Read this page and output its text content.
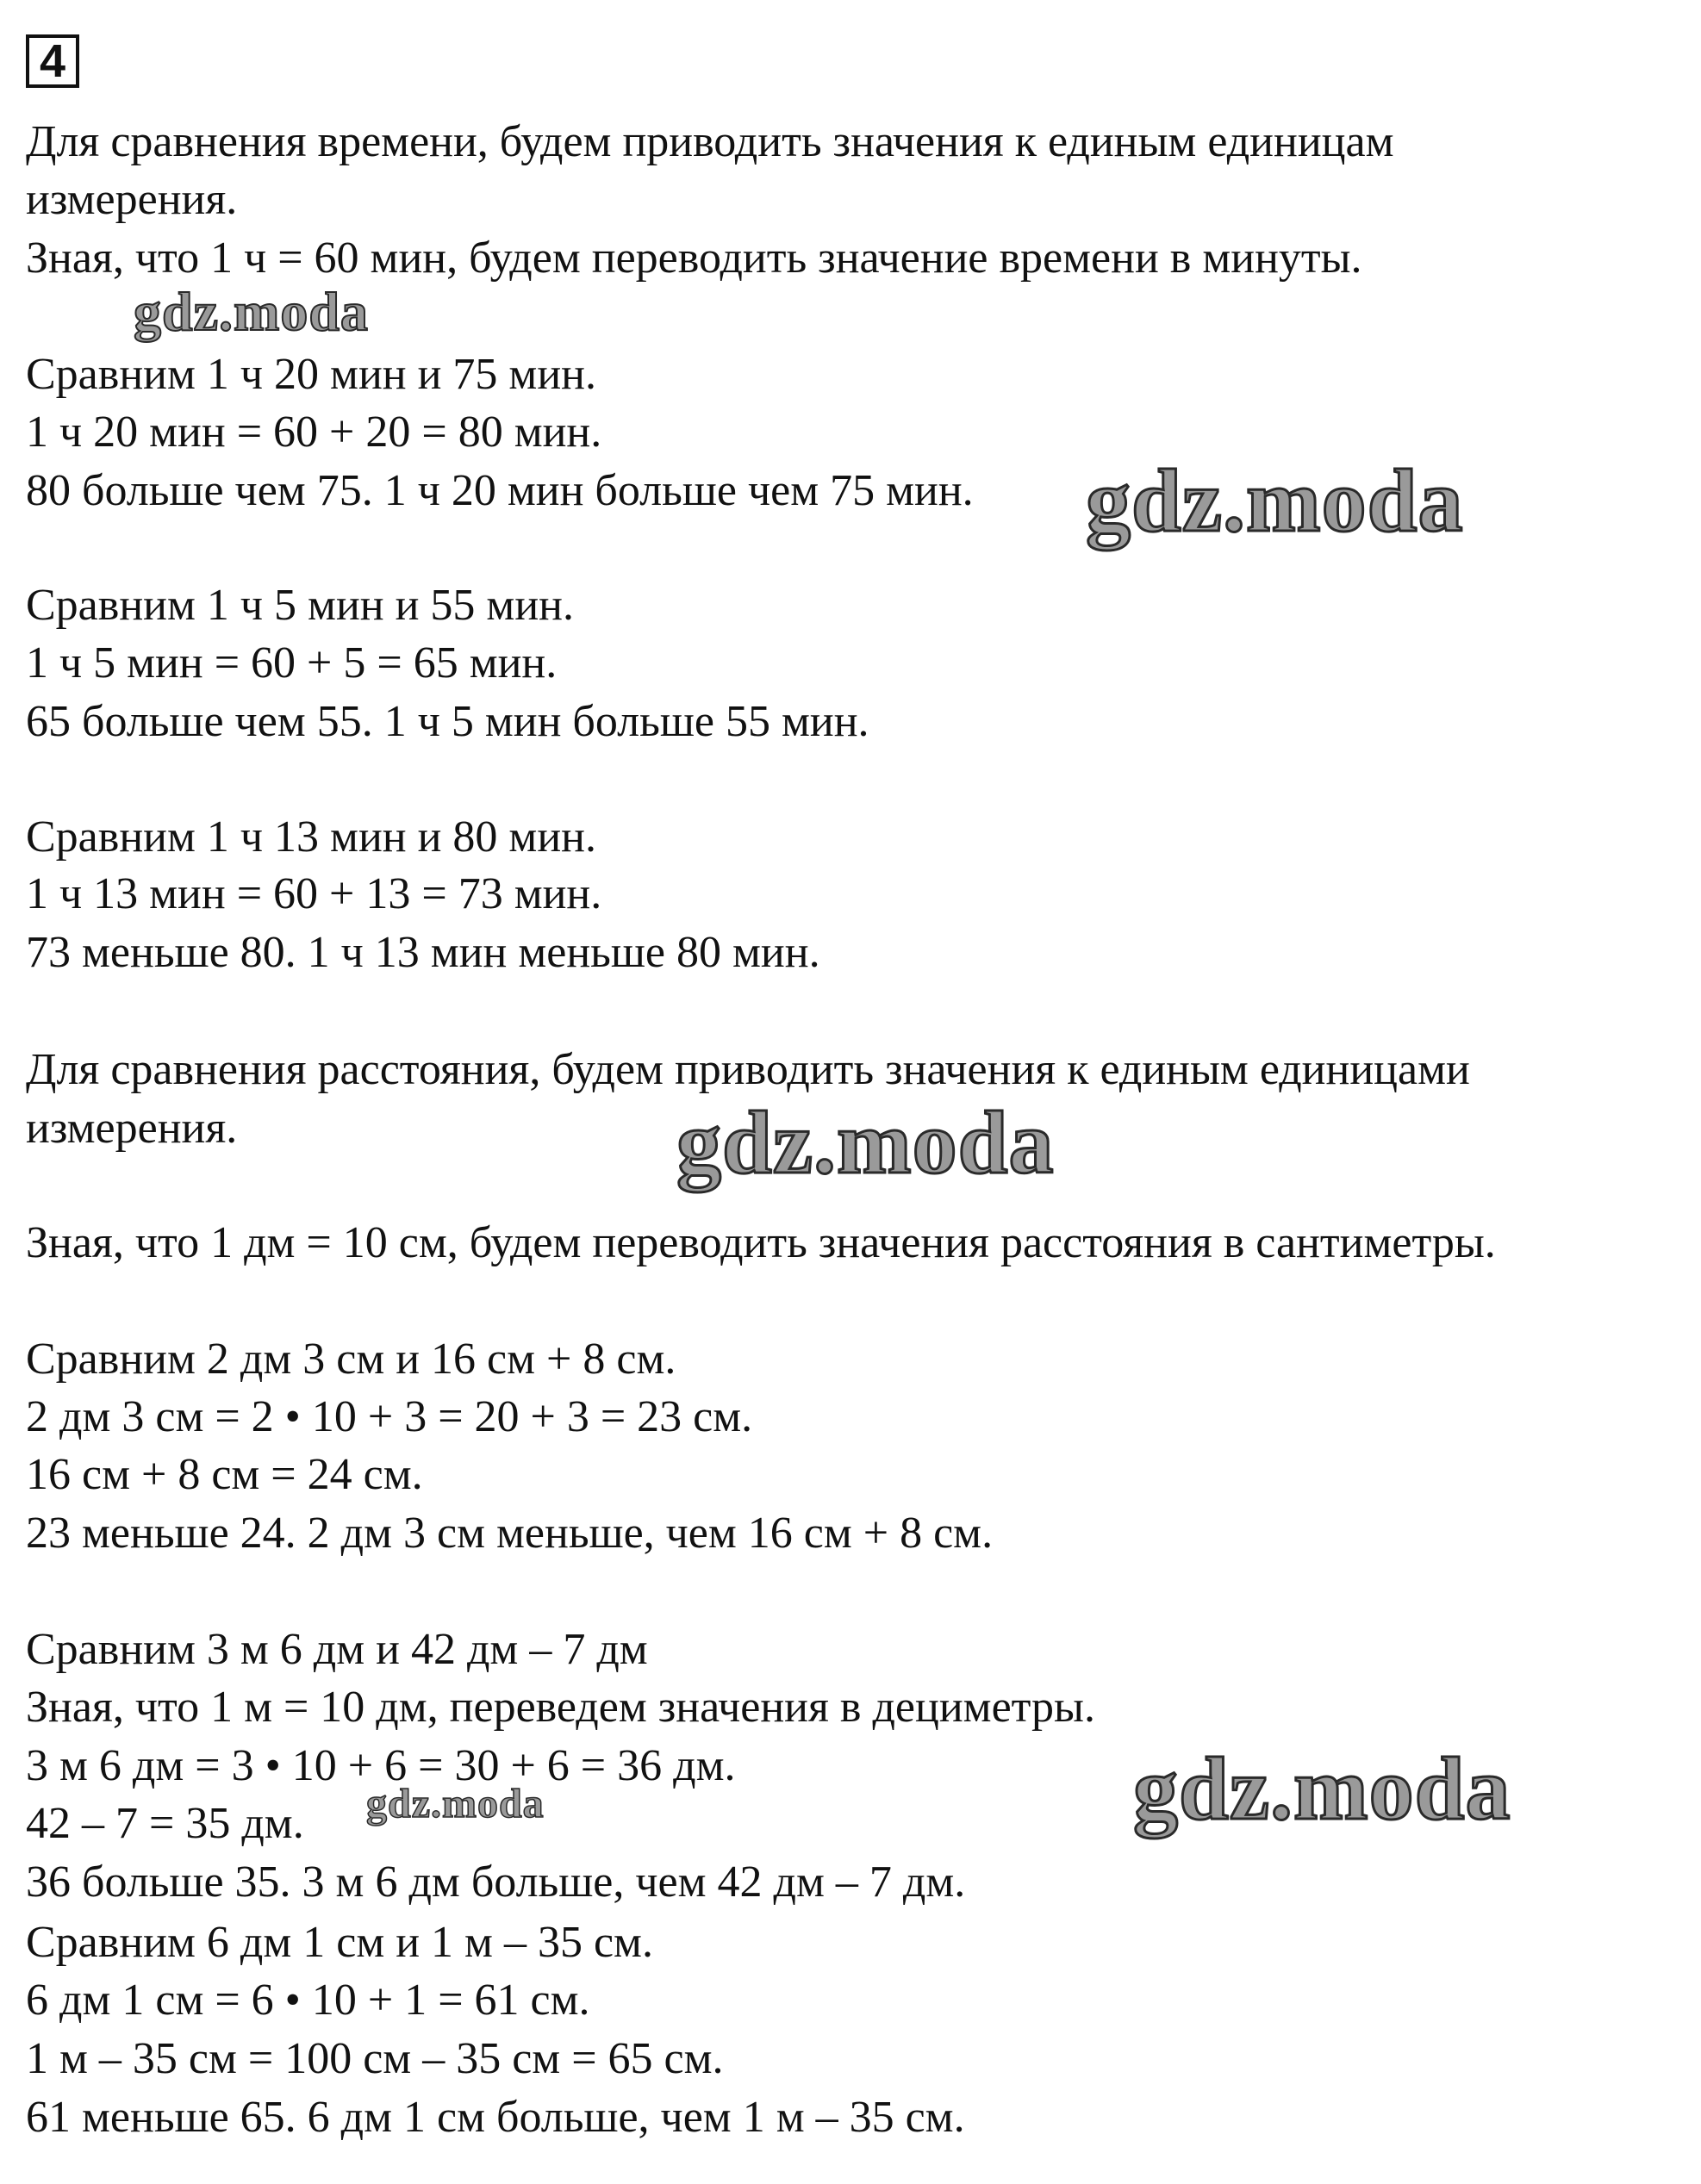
4
Для сравнения времени, будем приводить значения к единым единицам
измерения.
Зная, что 1 ч = 60 мин, будем переводить значение времени в минуты.
Сравним 1 ч 20 мин и 75 мин.
1 ч 20 мин = 60 + 20 = 80 мин.
80 больше чем 75. 1 ч 20 мин больше чем 75 мин.
Сравним 1 ч 5 мин и 55 мин.
1 ч 5 мин = 60 + 5 = 65 мин.
65 больше чем 55. 1 ч 5 мин больше 55 мин.
Сравним 1 ч 13 мин и 80 мин.
1 ч 13 мин = 60 + 13 = 73 мин.
73 меньше 80. 1 ч 13 мин меньше 80 мин.
Для сравнения расстояния, будем приводить значения к единым единицами
измерения.
Зная, что 1 дм = 10 см, будем переводить значения расстояния в сантиметры.
Сравним 2 дм 3 см и 16 см + 8 см.
2 дм 3 см = 2 • 10 + 3 = 20 + 3 = 23 см.
16 см + 8 см = 24 см.
23 меньше 24. 2 дм 3 см меньше, чем 16 см + 8 см.
Сравним 3 м 6 дм и 42 дм – 7 дм
Зная, что 1 м = 10 дм, переведем значения в дециметры.
3 м 6 дм = 3 • 10 + 6 = 30 + 6 = 36 дм.
42 – 7 = 35 дм.
36 больше 35. 3 м 6 дм больше, чем 42 дм – 7 дм.
Сравним 6 дм 1 см и 1 м – 35 см.
6 дм 1 см = 6 • 10 + 1 = 61 см.
1 м – 35 см = 100 см – 35 см = 65 см.
61 меньше 65. 6 дм 1 см больше, чем 1 м – 35 см.
gdz.moda
gdz.moda
gdz.moda
gdz.moda
gdz.moda
